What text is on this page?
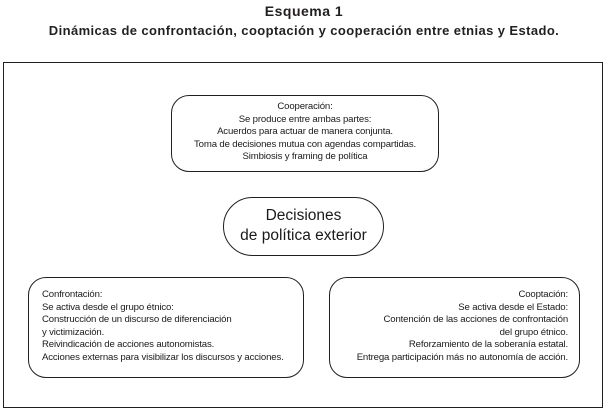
Esquema 1
Dinámicas de confrontación, cooptación y cooperación entre etnias y Estado.
Cooperación:
Se produce entre ambas partes:
Acuerdos para actuar de manera conjunta.
Toma de decisiones mutua con agendas compartidas.
Simbiosis y framing de política
Decisiones
de política exterior
Confrontación:
Se activa desde el grupo étnico:
Construcción de un discurso de diferenciación
y victimización.
Reivindicación de acciones autonomistas.
Acciones externas para visibilizar los discursos y acciones.
Cooptación:
Se activa desde el Estado:
Contención de las acciones de confrontación
del grupo étnico.
Reforzamiento de la soberanía estatal.
Entrega participación más no autonomía de acción.
